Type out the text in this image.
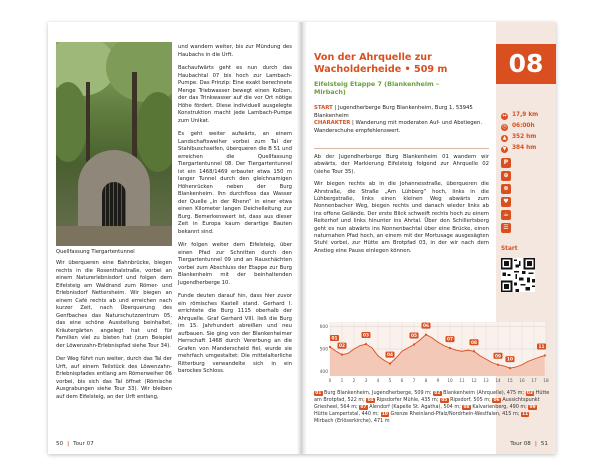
Quellfassung Tiergartentunnel

Wir überqueren eine Bahnbrücke, biegen rechts in die Rosenthalstraße, vorbei an einem Naturerlebnisdorf und folgen dem Eifelsteig am Waldrand zum Römer- und Erlebnisdorf Nettersheim. Wir biegen an einem Café rechts ab und erreichen nach kurzer Zeit, nach Überquerung des Genfbaches das Naturschutzzentrum 05, das eine schöne Ausstellung beinhaltet, Kräutergärten angelegt hat und für Familien viel zu bieten hat (zum Beispiel der Löwenzahn-Erlebnispfad siehe Tour 34).

Der Weg führt nun weiter, durch das Tal der Urft, auf einem Teilstück des Löwenzahn-Erlebnispfades entlang am Römerweiher 06 vorbei, bis sich das Tal öffnet (Römische Ausgrabungen siehe Tour 33). Wir bleiben auf dem Eifelsteig, an der Urft entlang,

und wandern weiter, bis zur Mündung des Haubachs in die Urft.

Bachaufwärts geht es nun durch das Haubachtal 07 bis hoch zur Lambach-Pumpe. Das Prinzip: Eine exakt berechnete Menge Triebwasser bewegt einen Kolben, der das Trinkwasser auf die vor Ort nötige Höhe fördert. Diese individuell ausgelegte Konstruktion macht jede Lambach-Pumpe zum Unikat.

Es geht weiter aufwärts, an einem Landschaftsweiher vorbei zum Tal der Stahlbuschseifen, überqueren die B 51 und erreichen die Quellfassung Tiergartentunnel 08. Der Tiergartentunnel ist ein 1468/1469 erbauter etwa 150 m langer Tunnel durch den gleichnamigen Höhenrücken neben der Burg Blankenheim. Ihn durchfloss das Wasser der Quelle „In der Rhenn“ in einer etwa einen Kilometer langen Deichelleitung zur Burg. Bemerkenswert ist, dass aus dieser Zeit in Europa kaum derartige Bauten bekannt sind.

Wir folgen weiter dem Eifelsteig, über einen Pfad zur Schnitten durch den Tiergartentunnel 09 und an Rauschächten vorbei zum Abschluss der Etappe zur Burg Blankenheim mit der beinhaltenden Jugendherberge 10.

Funde deuten darauf hin, dass hier zuvor ein römisches Kastell stand. Gerhard I. errichtete die Burg 1115 oberhalb der Ahrquelle. Graf Gerhard VIII. ließ die Burg im 15. Jahrhundert abreißen und neu aufbauen. Sie ging von der Blankenheimer Herrschaft 1468 durch Vererbung an die Grafen von Manderscheid fiel, wurde sie mehrfach umgestaltet: Die mittelalterliche Ritterburg verwandelte sich in ein barockes Schloss.

50 | Tour 07
Von der Ahrquelle zur Wacholderheide • 509 m
Eifelsteig Etappe 7 (Blankenheim – Mirbach)
START | Jugendherberge Burg Blankenheim, Burg 1, 53945 Blankenheim
CHARAKTER | Wanderung mit moderaten Auf- und Abstiegen. Wanderschuhe empfehlenswert.

Ab der Jugendherberge Burg Blankenheim 01 wandern wir abwärts, der Markierung Eifelsteig folgend zur Ahrquelle 02 (siehe Tour 35).

Wir biegen rechts ab in die Johannesstraße, überqueren die Ahrstraße, die Straße „Am Lühberg“ hoch, links in die Lühbergstraße, links einen kleinen Weg abwärts zum Nonnenbacher Weg, biegen rechts und danach wieder links ab ins offene Gelände. Der erste Blick schweift rechts hoch zu einem Reiterhof und links hinunter ins Ahrtal. Über den Schillertsberg geht es nun abwärts ins Nonnenbachtal über eine Brücke, einen naturnahen Pfad hoch, an einem mit der Mortusage ausgesägten Stuhl vorbei, zur Hütte am Brotpfad 03, in der wir nach dem Anstieg eine Pause einlegen können.

08
↔ 17,9 km
◷ 06:00h
▲ 352 hm
▼ 384 hm
P
⊕
⊗
♥
☕
☰
Start
400
500
600
0 1 2 3 4 5 6 7 8 9 10 11 12 13 14 15 16 17 18
01
02
03
04
05
06
07
08
09
10
11
01 Burg Blankenheim, Jugendherberge, 509 m; 02 Blankenheim (Ahrquelle), 475 m; 03 Hütte am Brotpfad, 522 m; 04 Ripsdorfer Mühle, 435 m; 05 Ripsdorf, 505 m; 06 Aussichtspunkt Griesheel, 564 m; 07 Alendorf (Kapelle St. Agatha), 504 m; 08 Kalvarienberg, 490 m; 09 Hütte Lampertstal, 440 m; 10 Grenze Rheinland-Pfalz/Nordrhein-Westfalen, 415 m; 11 Mirbach (Erlöserkirche), 471 m
Tour 08 | 51
